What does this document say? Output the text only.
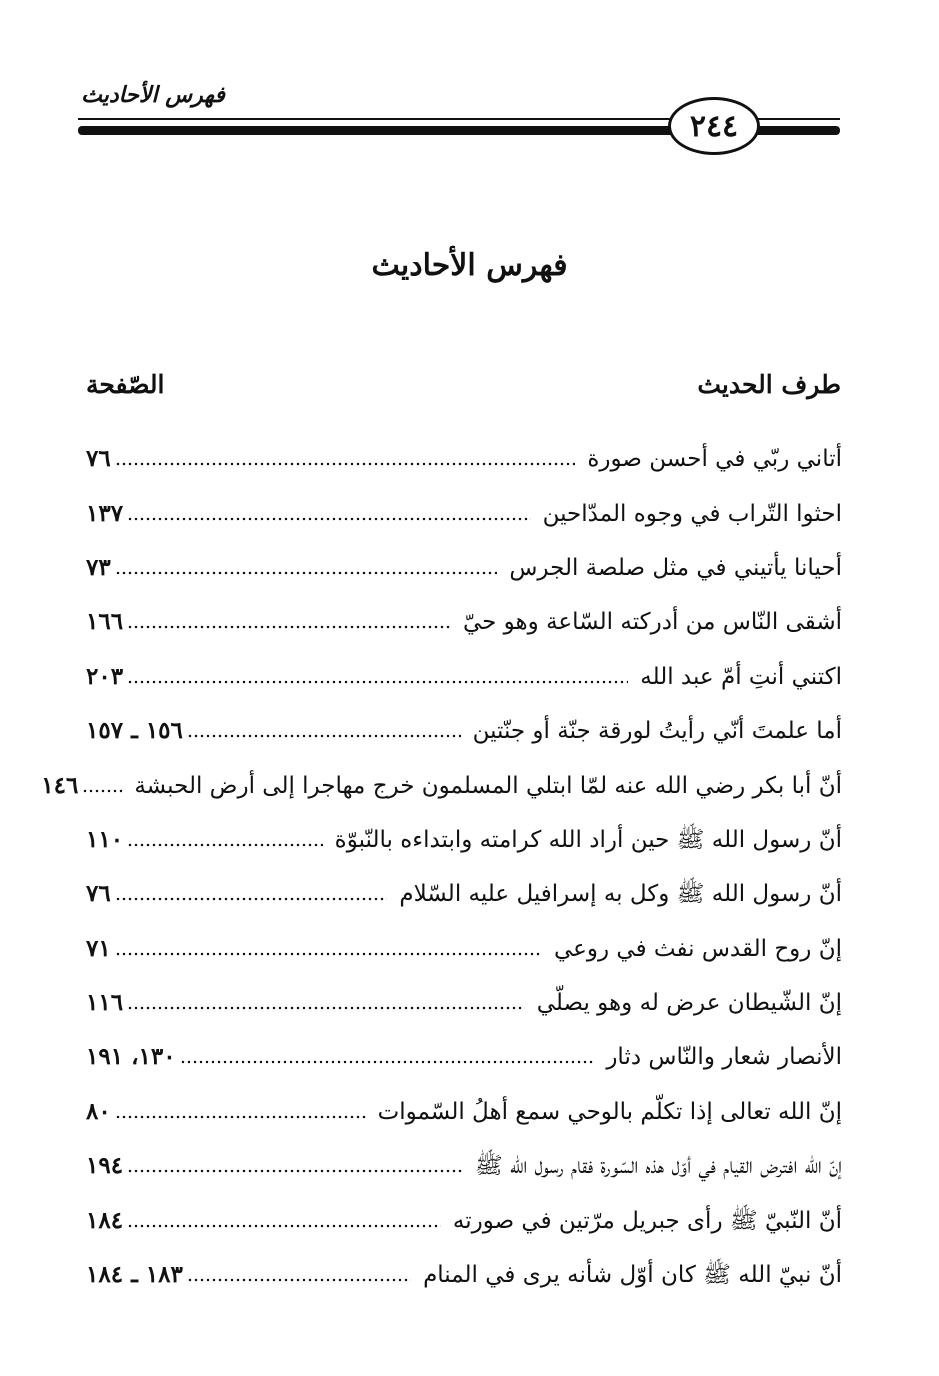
فهرس الأحاديث
٢٤٤
فهرس الأحاديث
طرف الحديث
الصّفحة
أتاني ربّي في أحسن صورة
٧٦
احثوا التّراب في وجوه المدّاحين
١٣٧
أحيانا يأتيني في مثل صلصة الجرس
٧٣
أشقى النّاس من أدركته السّاعة وهو حيّ
١٦٦
اكتني أنتِ أمّ عبد الله
٢٠٣
أما علمتَ أنّي رأيتُ لورقة جنّة أو جنّتين
١٥٦ ـ ١٥٧
أنّ أبا بكر رضي الله عنه لمّا ابتلي المسلمون خرج مهاجرا إلى أرض الحبشة
١٤٦
أنّ رسول الله ﷺ حين أراد الله كرامته وابتداءه بالنّبوّة
١١٠
أنّ رسول الله ﷺ وكل به إسرافيل عليه السّلام
٧٦
إنّ روح القدس نفث في روعي
٧١
إنّ الشّيطان عرض له وهو يصلّي
١١٦
الأنصار شعار والنّاس دثار
١٣٠، ١٩١
إنّ الله تعالى إذا تكلّم بالوحي سمع أهلُ السّموات
٨٠
إنّ الله افترض القيام في أوّل هذه السّورة فقام رسول الله ﷺ
١٩٤
أنّ النّبيّ ﷺ رأى جبريل مرّتين في صورته
١٨٤
أنّ نبيّ الله ﷺ كان أوّل شأنه يرى في المنام
١٨٣ ـ ١٨٤
